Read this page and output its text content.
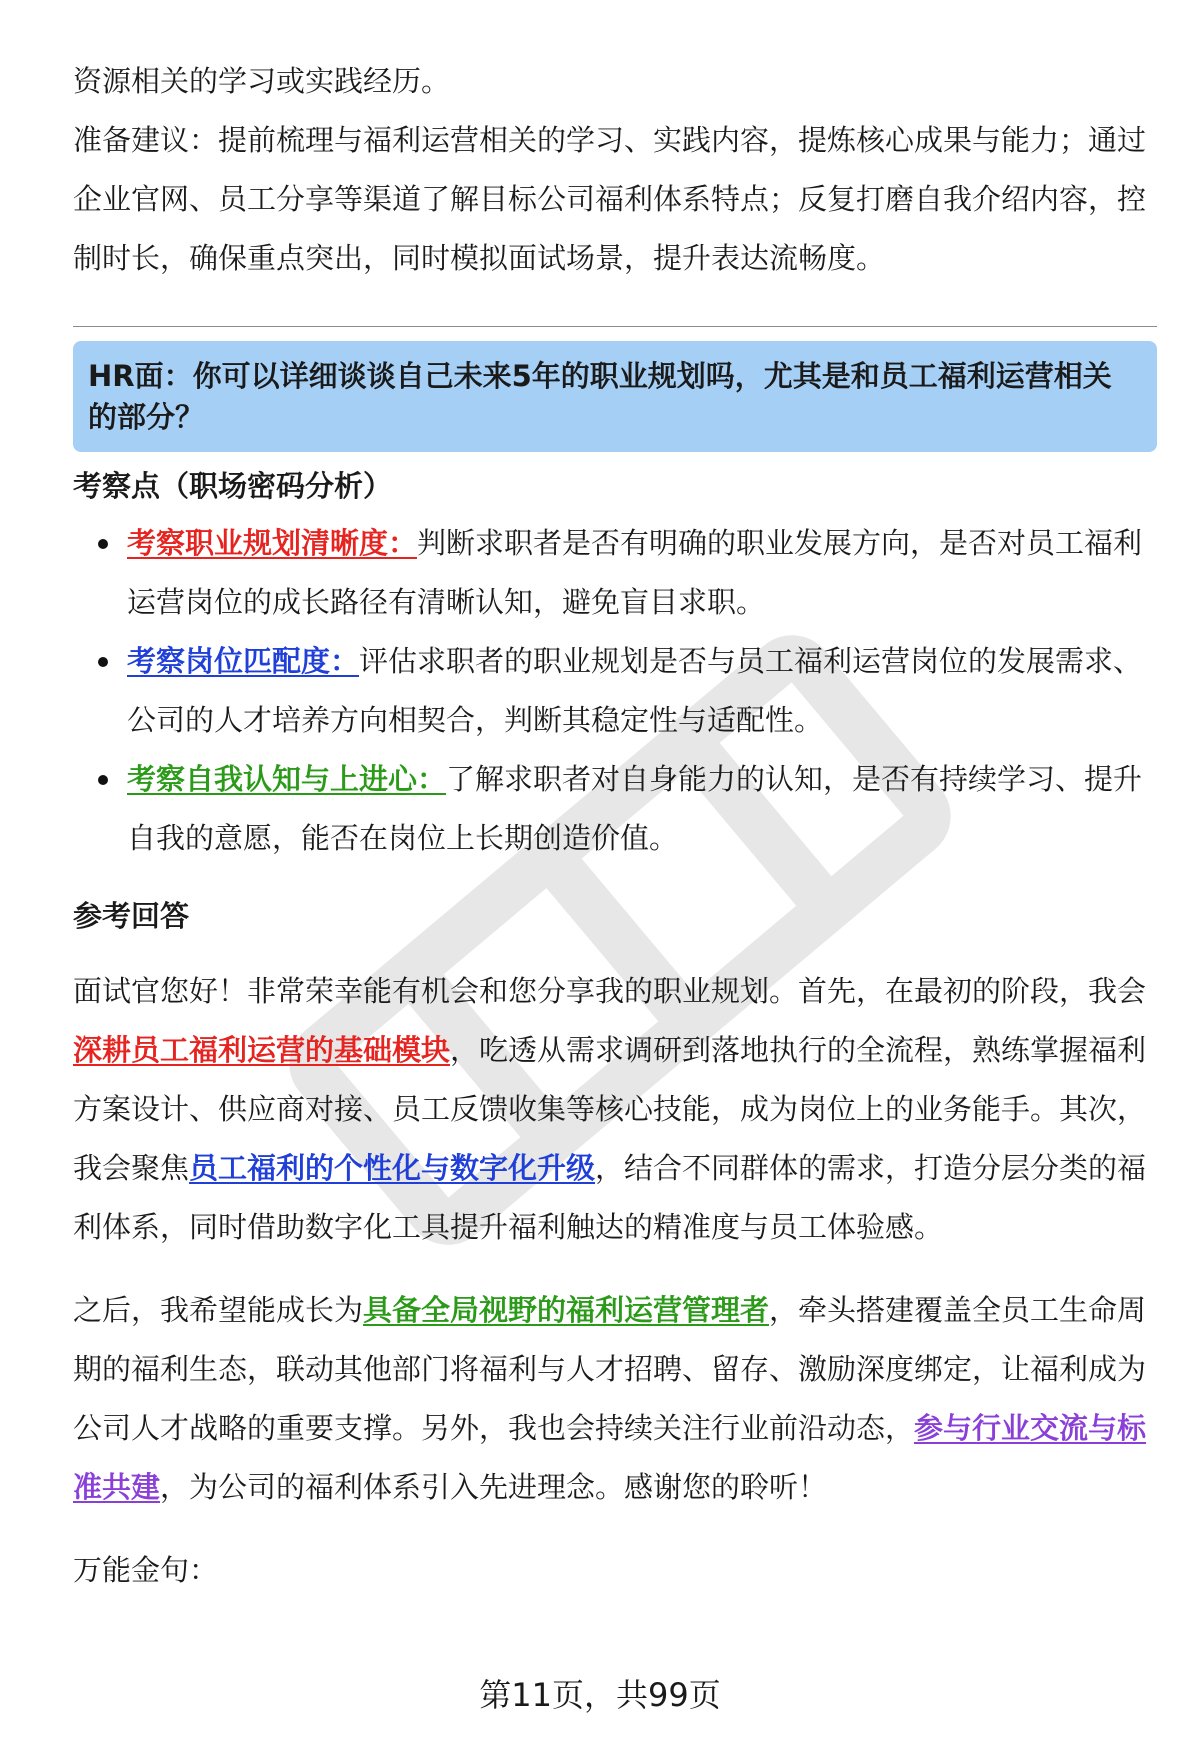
资源相关的学习或实践经历。

准备建议：提前梳理与福利运营相关的学习、实践内容，提炼核心成果与能力；通过企业官网、员工分享等渠道了解目标公司福利体系特点；反复打磨自我介绍内容，控制时长，确保重点突出，同时模拟面试场景，提升表达流畅度。

HR面：你可以详细谈谈自己未来5年的职业规划吗，尤其是和员工福利运营相关的部分？
考察点（职场密码分析）
考察职业规划清晰度：判断求职者是否有明确的职业发展方向，是否对员工福利运营岗位的成长路径有清晰认知，避免盲目求职。
考察岗位匹配度：评估求职者的职业规划是否与员工福利运营岗位的发展需求、公司的人才培养方向相契合，判断其稳定性与适配性。
考察自我认知与上进心：了解求职者对自身能力的认知，是否有持续学习、提升自我的意愿，能否在岗位上长期创造价值。
参考回答

面试官您好！非常荣幸能有机会和您分享我的职业规划。首先，在最初的阶段，我会深耕员工福利运营的基础模块，吃透从需求调研到落地执行的全流程，熟练掌握福利方案设计、供应商对接、员工反馈收集等核心技能，成为岗位上的业务能手。其次，我会聚焦员工福利的个性化与数字化升级，结合不同群体的需求，打造分层分类的福利体系，同时借助数字化工具提升福利触达的精准度与员工体验感。

之后，我希望能成长为具备全局视野的福利运营管理者，牵头搭建覆盖全员工生命周期的福利生态，联动其他部门将福利与人才招聘、留存、激励深度绑定，让福利成为公司人才战略的重要支撑。另外，我也会持续关注行业前沿动态，参与行业交流与标准共建，为公司的福利体系引入先进理念。感谢您的聆听！

万能金句：

第11页，共99页
